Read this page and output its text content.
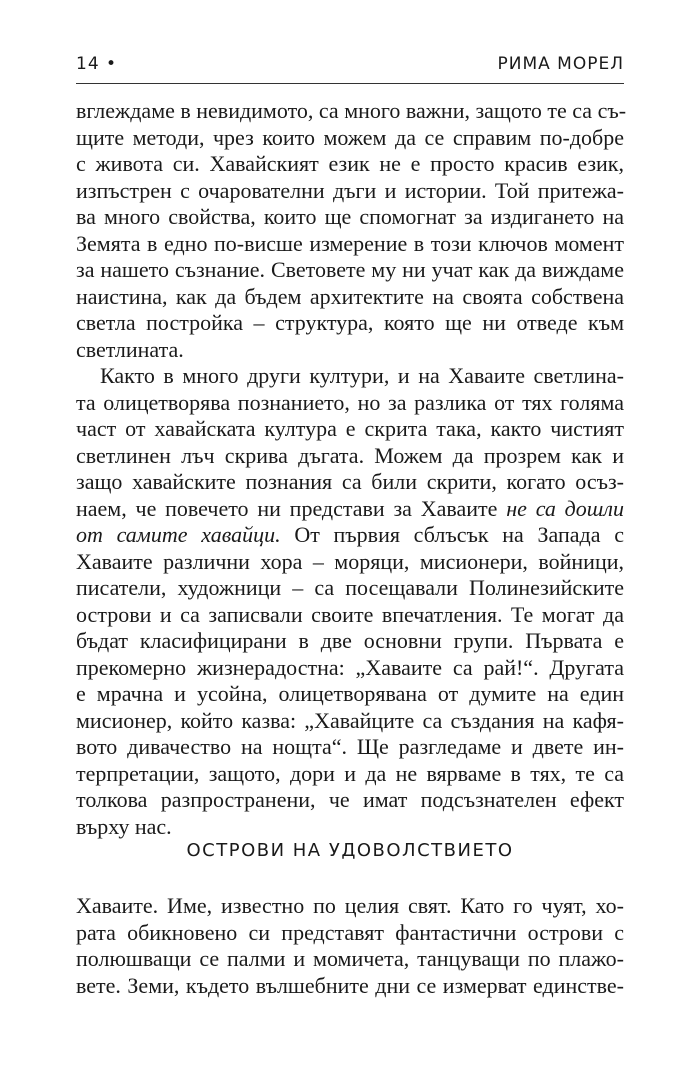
14 •	РИМА МОРЕЛ
вглеждаме в невидимото, са много важни, защото те са съ-
щите методи, чрез които можем да се справим по-добре
с живота си. Хавайският език не е просто красив език,
изпъстрен с очарователни дъги и истории. Той притежа-
ва много свойства, които ще спомогнат за издигането на
Земята в едно по-висше измерение в този ключов момент
за нашето съзнание. Световете му ни учат как да виждаме
наистина, как да бъдем архитектите на своята собствена
светла постройка – структура, която ще ни отведе към
светлината.
Както в много други култури, и на Хаваите светлина-
та олицетворява познанието, но за разлика от тях голяма
част от хавайската култура е скрита така, както чистият
светлинен лъч скрива дъгата. Можем да прозрем как и
защо хавайските познания са били скрити, когато осъз-
наем, че повечето ни представи за Хаваите не са дошли
от самите хавайци. От първия сблъсък на Запада с
Хаваите различни хора – моряци, мисионери, войници,
писатели, художници – са посещавали Полинезийските
острови и са записвали своите впечатления. Те могат да
бъдат класифицирани в две основни групи. Първата е
прекомерно жизнерадостна: „Хаваите са рай!“. Другата
е мрачна и усойна, олицетворявана от думите на един
мисионер, който казва: „Хавайците са създания на кафя-
вото дивачество на нощта“. Ще разгледаме и двете ин-
терпретации, защото, дори и да не вярваме в тях, те са
толкова разпространени, че имат подсъзнателен ефект
върху нас.
ОСТРОВИ НА УДОВОЛСТВИЕТО
Хаваите. Име, известно по целия свят. Като го чуят, хо-
рата обикновено си представят фантастични острови с
полюшващи се палми и момичета, танцуващи по плажо-
вете. Земи, където вълшебните дни се измерват единстве-
